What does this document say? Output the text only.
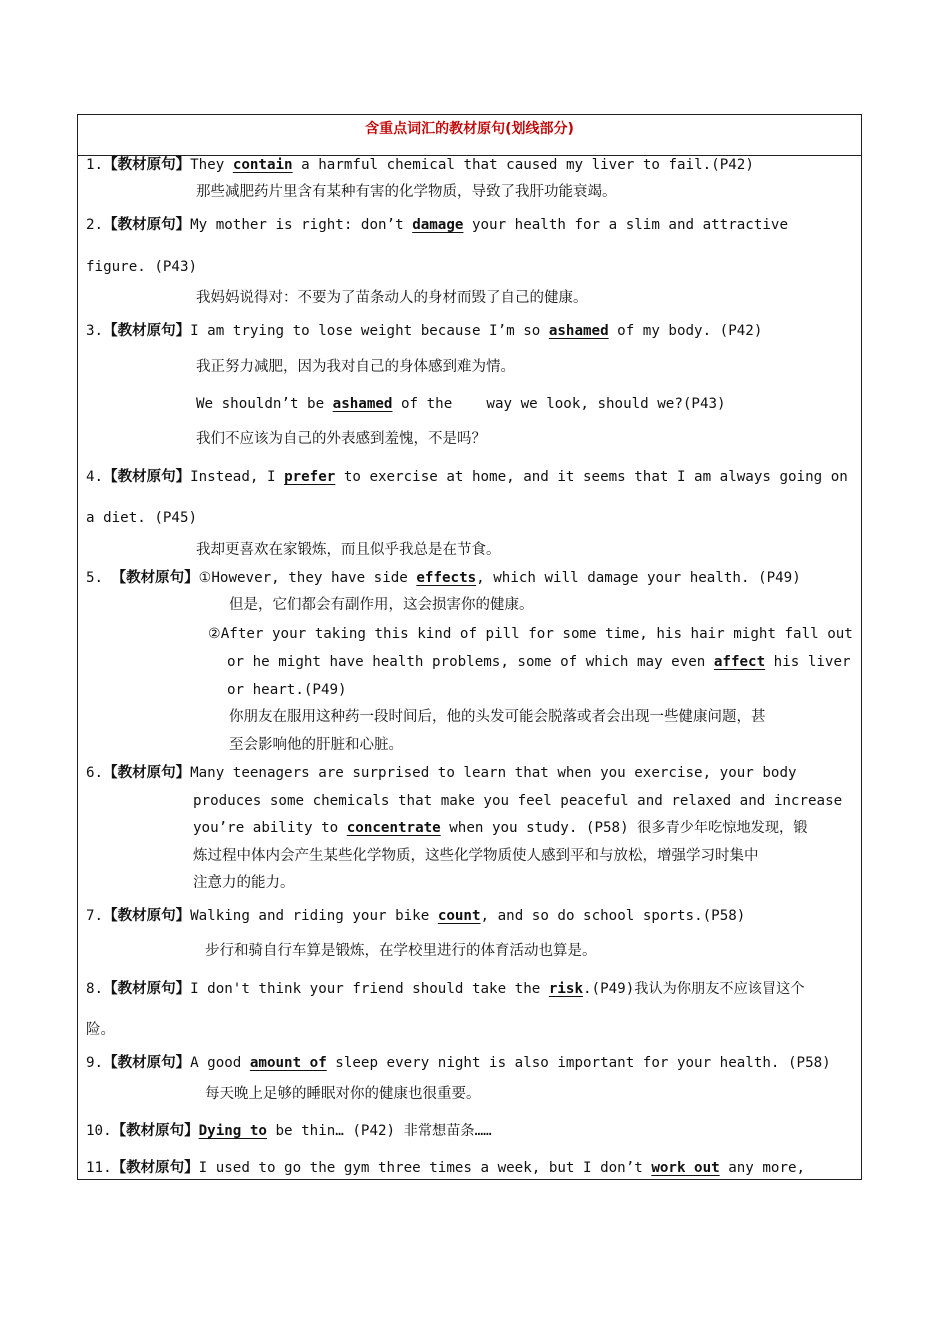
含重点词汇的教材原句(划线部分)
1.【教材原句】They contain a harmful chemical that caused my liver to fail.(P42)
那些减肥药片里含有某种有害的化学物质，导致了我肝功能衰竭。
2.【教材原句】My mother is right: don’t damage your health for a slim and attractive
figure. (P43)
我妈妈说得对：不要为了苗条动人的身材而毁了自己的健康。
3.【教材原句】I am trying to lose weight because I’m so ashamed of my body. (P42)
我正努力减肥，因为我对自己的身体感到难为情。
We shouldn’t be ashamed of the    way we look, should we?(P43)
我们不应该为自己的外表感到羞愧，不是吗？
4.【教材原句】Instead, I prefer to exercise at home, and it seems that I am always going on
a diet. (P45)
我却更喜欢在家锻炼，而且似乎我总是在节食。
5. 【教材原句】①However, they have side effects, which will damage your health. (P49)
但是，它们都会有副作用，这会损害你的健康。
②After your taking this kind of pill for some time, his hair might fall out
or he might have health problems, some of which may even affect his liver
or heart.(P49)
你朋友在服用这种药一段时间后，他的头发可能会脱落或者会出现一些健康问题，甚
至会影响他的肝脏和心脏。
6.【教材原句】Many teenagers are surprised to learn that when you exercise, your body
produces some chemicals that make you feel peaceful and relaxed and increase
you’re ability to concentrate when you study. (P58) 很多青少年吃惊地发现，锻
炼过程中体内会产生某些化学物质，这些化学物质使人感到平和与放松，增强学习时集中
注意力的能力。
7.【教材原句】Walking and riding your bike count, and so do school sports.(P58)
步行和骑自行车算是锻炼，在学校里进行的体育活动也算是。
8.【教材原句】I don't think your friend should take the risk.(P49)我认为你朋友不应该冒这个
险。
9.【教材原句】A good amount of sleep every night is also important for your health. (P58)
每天晚上足够的睡眠对你的健康也很重要。
10.【教材原句】Dying to be thin… (P42) 非常想苗条……
11.【教材原句】I used to go the gym three times a week, but I don’t work out any more,
